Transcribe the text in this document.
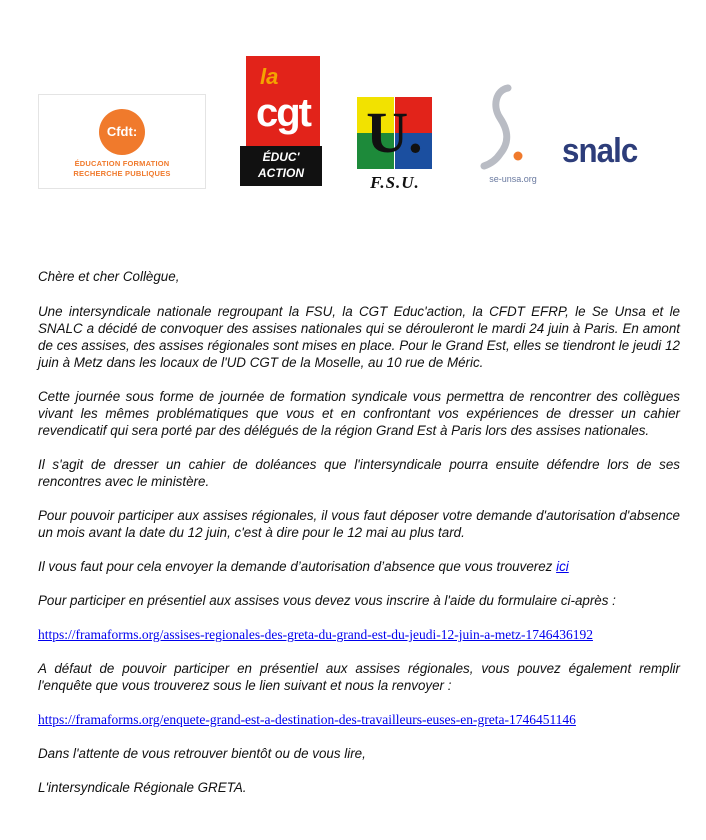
Cfdt:
ÉDUCATION FORMATION
RECHERCHE PUBLIQUES
la
cgt
ÉDUC'
ACTION
U.
F.S.U.	se-unsa.org
snalc

Chère et cher Collègue,

Une intersyndicale nationale regroupant la FSU, la CGT Educ'action, la CFDT EFRP, le Se Unsa et le SNALC a décidé de convoquer des assises nationales qui se dérouleront le mardi 24 juin à Paris. En amont de ces assises, des assises régionales sont mises en place. Pour le Grand Est, elles se tiendront le jeudi 12 juin à Metz dans les locaux de l'UD CGT de la Moselle, au 10 rue de Méric.

Cette journée sous forme de journée de formation syndicale vous permettra de rencontrer des collègues vivant les mêmes problématiques que vous et en confrontant vos expériences de dresser un cahier revendicatif qui sera porté par des délégués de la région Grand Est à Paris lors des assises nationales.

Il s'agit de dresser un cahier de doléances que l'intersyndicale pourra ensuite défendre lors de ses rencontres avec le ministère.

Pour pouvoir participer aux assises régionales, il vous faut déposer votre demande d'autorisation d'absence un mois avant la date du 12 juin, c'est à dire pour le 12 mai au plus tard.

Il vous faut pour cela envoyer la demande d’autorisation d’absence que vous trouverez ici

Pour participer en présentiel aux assises vous devez vous inscrire à l'aide du formulaire ci-après :

https://framaforms.org/assises-regionales-des-greta-du-grand-est-du-jeudi-12-juin-a-metz-1746436192

A défaut de pouvoir participer en présentiel aux assises régionales, vous pouvez également remplir l'enquête que vous trouverez sous le lien suivant et nous la renvoyer :

https://framaforms.org/enquete-grand-est-a-destination-des-travailleurs-euses-en-greta-1746451146

Dans l'attente de vous retrouver bientôt ou de vous lire,

L'intersyndicale Régionale GRETA.
